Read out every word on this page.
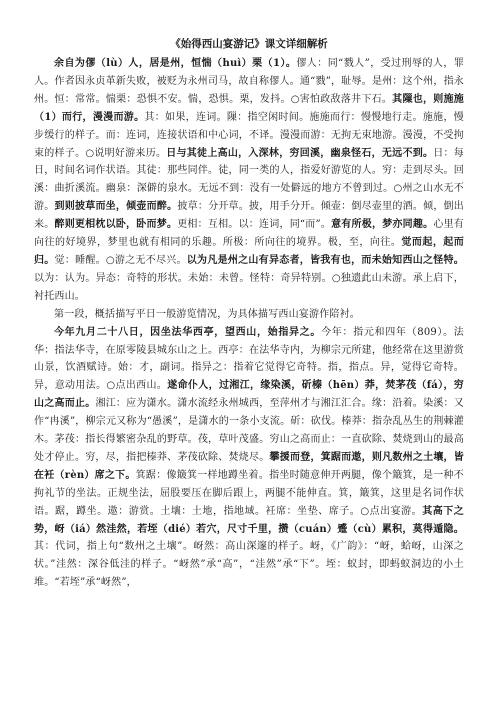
《始得西山宴游记》课文详细解析

余自为僇（lù）人，居是州，恒惴（huì）栗（1）。僇人：同“戮人”，受过刑辱的人，罪人。作者因永贞革新失败，被贬为永州司马，故自称僇人。通“戮”，耻辱。是州：这个州，指永州。恒：常常。惴栗：恐惧不安。惴，恐惧。栗，发抖。○害怕政敌落井下石。其隟也，则施施（1）而行，漫漫而游。其：如果，连词。隟：指空闲时间。施施而行：慢慢地行走。施施，慢步缓行的样子。而：连词，连接状语和中心词，不译。漫漫而游：无拘无束地游。漫漫，不受拘束的样子。○说明好游来历。日与其徒上高山，入深林，穷回溪，幽泉怪石，无远不到。日：每日，时间名词作状语。其徒：那些同伴。徒，同一类的人，指爱好游览的人。穷：走到尽头。回溪：曲折溪流。幽泉：深僻的泉水。无远不到：没有一处僻远的地方不曾到过。○州之山水无不游。到则披草而坐，倾壶而醉。披草：分开草。披，用手分开。倾壶：倒尽壶里的酒。倾，倒出来。醉则更相枕以卧，卧而梦。更相：互相。以：连词，同“而”。意有所极，梦亦同趣。心里有向往的好境界，梦里也就有相同的乐趣。所极：所向往的境界。极，至，向往。觉而起，起而归。觉：睡醒。○游之无不尽兴。以为凡是州之山有异态者，皆我有也，而未始知西山之怪特。以为：认为。异态：奇特的形状。未始：未曾。怪特：奇异特别。○独遗此山未游。承上启下，衬托西山。

第一段，概括描写平日一般游览情况，为具体描写西山宴游作陪衬。

今年九月二十八日，因坐法华西亭，望西山，始指异之。今年：指元和四年（809）。法华：指法华寺，在原零陵县城东山之上。西亭：在法华寺内，为柳宗元所建，他经常在这里游赏山景，饮酒赋诗。始：才，副词。指异之：指着它觉得它奇特。指，指点。异，觉得它奇特。异，意动用法。○点出西山。遂命仆人，过湘江，缘染溪，斫榛（hēn）莽，焚茅茷（fá），穷山之高而止。湘江：应为潇水。潇水流经永州城西，至萍州才与湘江汇合。缘：沿着。染溪：又作“冉溪”，柳宗元又称为“愚溪”，是潇水的一条小支流。斫：砍伐。榛莽：指杂乱丛生的荆棘灌木。茅茷：指长得繁密杂乱的野草。茷，草叶茂盛。穷山之高而止：一直砍除、焚烧到山的最高处才停止。穷，尽，指把榛莽、茅茷砍除、焚烧尽。攀援而登，箕踞而遨，则凡数州之土壤，皆在衽（rèn）席之下。箕踞：像簸箕一样地蹲坐着。指坐时随意伸开两腿，像个簸箕，是一种不拘礼节的坐法。正规坐法，屈股要压在脚后跟上，两腿不能伸直。箕，簸箕，这里是名词作状语。踞，蹲坐。遨：游赏。土壤：土地，指地域。衽席：坐垫、席子。○点出宴游。其高下之势，岈（iá）然洼然，若垤（dié）若穴，尺寸千里，攒（cuán）蹙（cù）累积，莫得遁隐。其：代词，指上句“数州之土壤”。岈然：高山深邃的样子。岈，《广韵》：“岈，蛤岈，山深之状。”洼然：深谷低洼的样子。“岈然”承“高”，“洼然”承“下”。垤：蚁封，即蚂蚁洞边的小土堆。“若垤”承“岈然”，
